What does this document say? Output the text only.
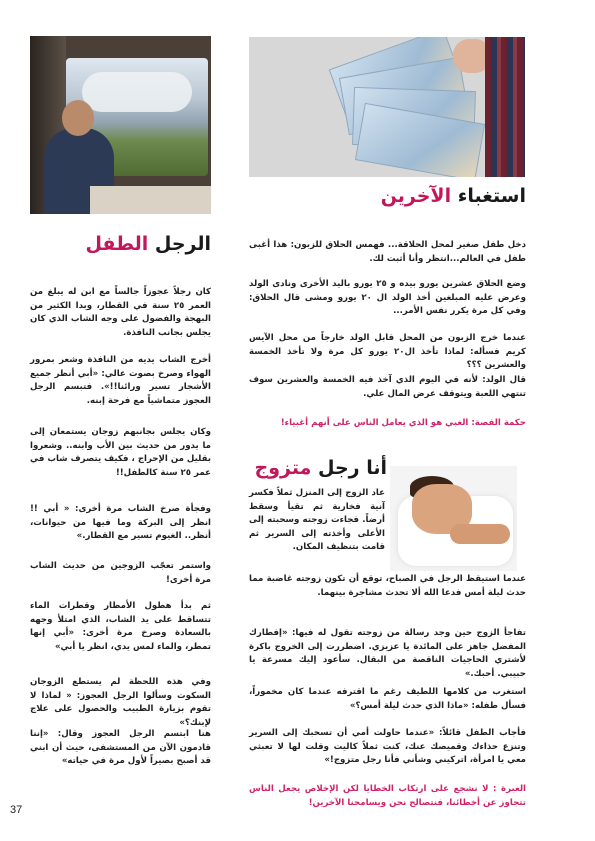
استغباء الآخرين

دخل طفل صغير لمحل الحلاقة... فهمس الحلاق للزبون: هذا أغبى طفل في العالم...انتظر وأنا أثبت لك.

وضع الحلاق عشرين يورو بيده و ٢٥ يورو باليد الأخرى ونادى الولد وعرض عليه المبلغين أخذ الولد ال ٢٠ يورو ومشى قال الحلاق: وفي كل مرة يكرر نفس الأمر...

عندما خرج الزبون من المحل قابل الولد خارجاً من محل الآيس كريم فسأله: لماذا تأخذ ال٢٠ يورو كل مرة ولا تأخذ الخمسة والعشرين ؟؟؟

قال الولد: لأنه في اليوم الذي آخذ فيه الخمسة والعشرين سوف تنتهي اللعبة ويتوقف عرض المال علي.

حكمة القصة: الغبي هو الذي يعامل الناس على أنهم أغبياء!

أنا رجل متزوج

عاد الزوج إلى المنزل ثملاً فكسر آنية فخارية ثم تقيأ وسقط أرضاً. فجاءت زوجته وسحبته إلى الأعلى وأخذته إلى السرير ثم قامت بتنظيف المكان.

عندما استيقظ الرجل في الصباح، توقع أن تكون زوجته غاضبة مما حدث ليلة أمس فدعا الله ألا تحدث مشاجرة بينهما.

تفاجأ الزوج حين وجد رسالة من زوجته تقول له فيها: «إفطارك المفضل جاهز على المائدة يا عزيزي. اضطررت إلى الخروج باكرة لأشتري الحاجيات الناقصة من البقال. سأعود إليك مسرعة يا حبيبي. أحبك.»

استغرب من كلامها اللطيف رغم ما اقترفه عندما كان مخموراً، فسأل طفله: «ماذا الذي حدث ليلة أمس؟»

فأجاب الطفل قائلاً: «عندما حاولت أمي أن تسحبك إلى السرير وتنزع حذاءك وقميصك عنك، كنت ثملاً كاليت وقلت لها لا تعبثي معي يا امرأة، اتركيني وشأني فأنا رجل متزوج!»

العبرة : لا نشجع على ارتكاب الخطايا لكن الإخلاص يجعل الناس تتجاوز عن أخطائنا، فنتصالح نحن ويسامحنا الآخرين!

الرجل الطفل

كان رجلاً عجوزاً جالساً مع ابن له يبلغ من العمر ٢٥ سنة في القطار، وبدا الكثير من البهجة والفضول على وجه الشاب الذي كان يجلس بجانب النافذة.

أخرج الشاب يديه من النافذة وشعر بمرور الهواء وصرخ بصوت عالي: «أبي أنظر جميع الأشجار تسير ورائنا!!». فتبسم الرجل العجوز متماشياً مع فرحة إبنه.

وكان يجلس بجانبهم زوجان يستمعان إلى ما يدور من حديث بين الأب وابنه.. وشعروا بقليل من الإحراج ، فكيف يتصرف شاب في عمر ٢٥ سنة كالطفل!!

وفجأة صرخ الشاب مرة أخرى: « أبي !! انظر إلى البركة وما فيها من حيوانات، أنظر.. الغيوم تسير مع القطار.»

واستمر تعجّب الزوجين من حديث الشاب مرة أخرى!

ثم بدأ هطول الأمطار وقطرات الماء تتساقط على يد الشاب، الذي امتلأ وجهه بالسعادة وصرخ مرة أخرى: «أبي إنها تمطر، والماء لمس يدي، انظر يا أبي»

وفي هذه اللحظة لم يستطع الزوجان السكوت وسألوا الرجل العجوز: « لماذا لا تقوم بزيارة الطبيب والحصول على علاج لإبنك؟»

هنا ابتسم الرجل العجوز وقال: «إننا قادمون الآن من المستشفى، حيث أن ابني قد أصبح بصيراً لأول مرة في حياته»

37
